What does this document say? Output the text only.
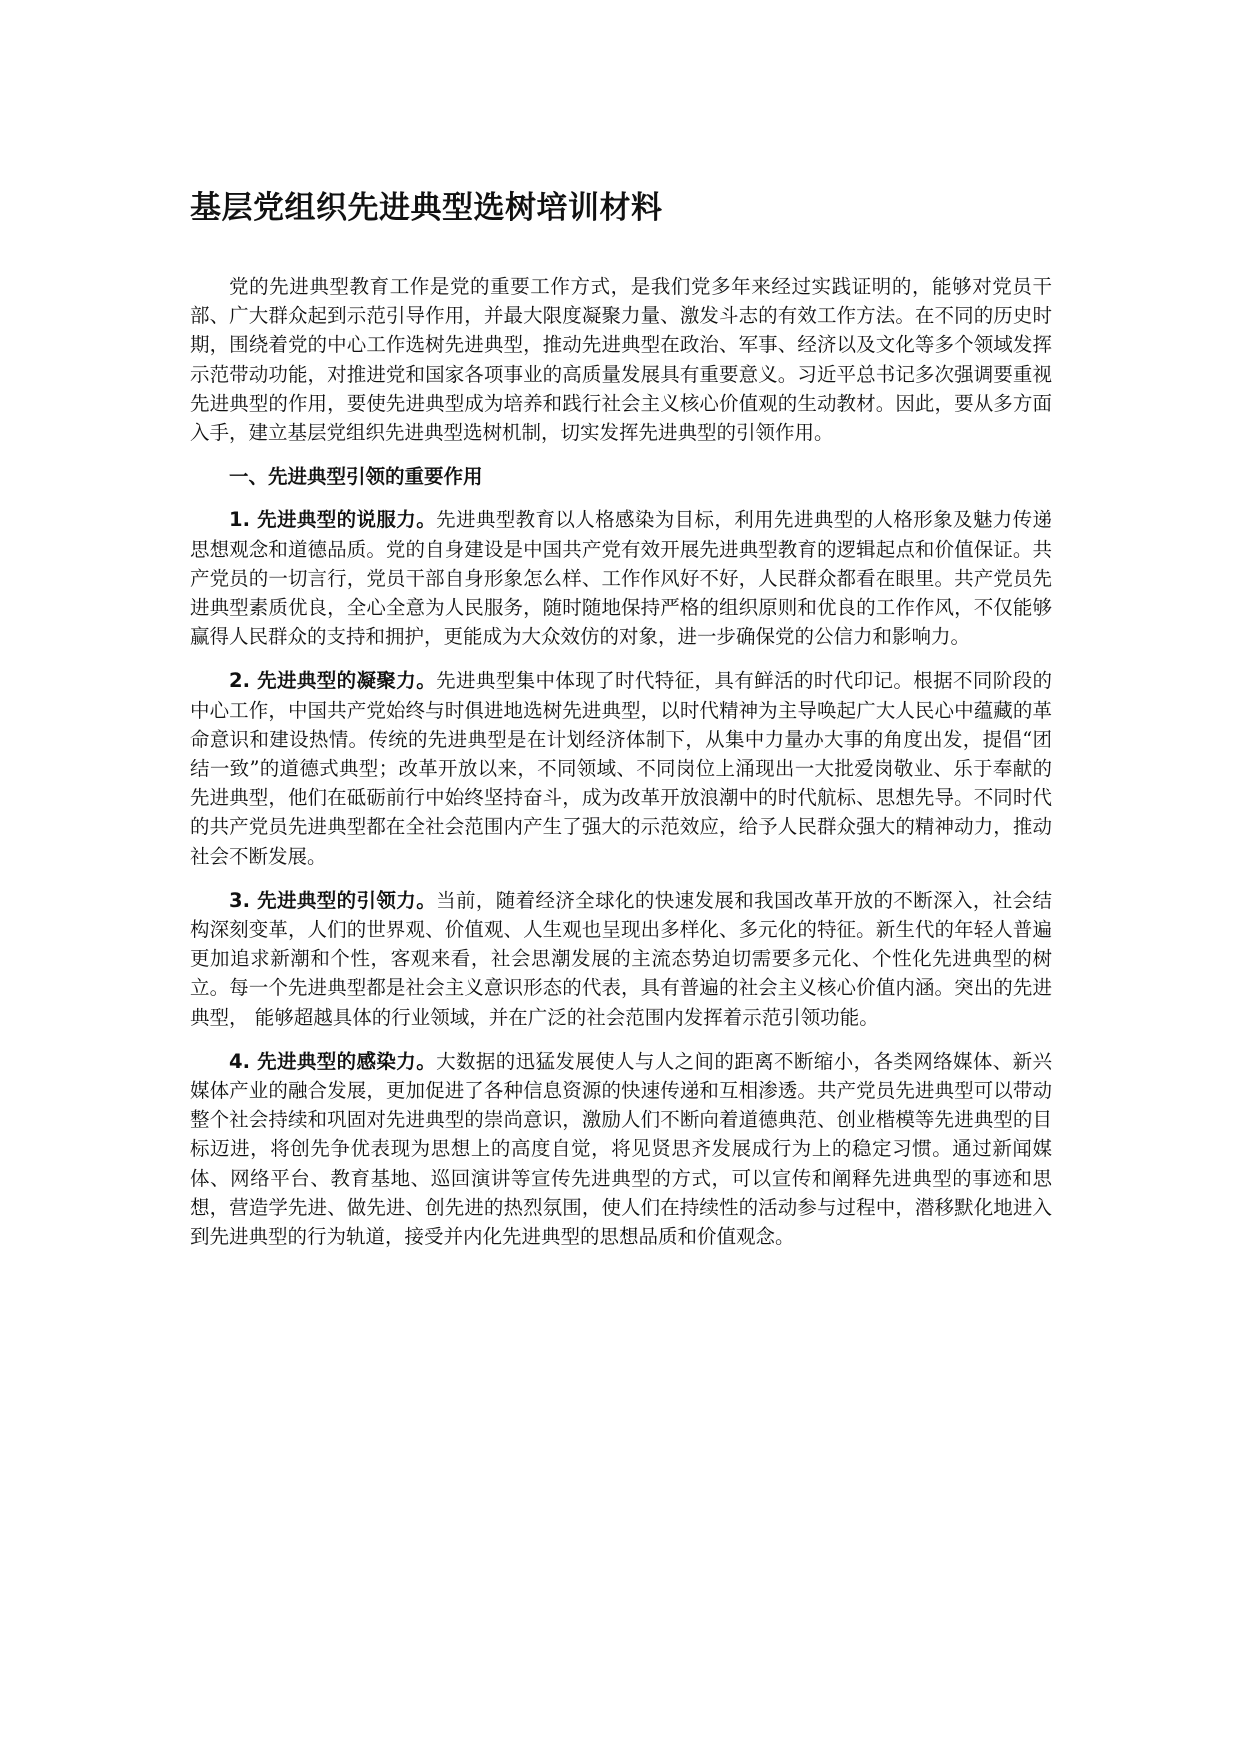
基层党组织先进典型选树培训材料

党的先进典型教育工作是党的重要工作方式，是我们党多年来经过实践证明的，能够对党员干部、广大群众起到示范引导作用，并最大限度凝聚力量、激发斗志的有效工作方法。在不同的历史时期，围绕着党的中心工作选树先进典型，推动先进典型在政治、军事、经济以及文化等多个领域发挥示范带动功能，对推进党和国家各项事业的高质量发展具有重要意义。习近平总书记多次强调要重视先进典型的作用，要使先进典型成为培养和践行社会主义核心价值观的生动教材。因此，要从多方面入手，建立基层党组织先进典型选树机制，切实发挥先进典型的引领作用。

一、先进典型引领的重要作用

1. 先进典型的说服力。先进典型教育以人格感染为目标，利用先进典型的人格形象及魅力传递思想观念和道德品质。党的自身建设是中国共产党有效开展先进典型教育的逻辑起点和价值保证。共产党员的一切言行，党员干部自身形象怎么样、工作作风好不好，人民群众都看在眼里。共产党员先进典型素质优良，全心全意为人民服务，随时随地保持严格的组织原则和优良的工作作风，不仅能够赢得人民群众的支持和拥护，更能成为大众效仿的对象，进一步确保党的公信力和影响力。

2. 先进典型的凝聚力。先进典型集中体现了时代特征，具有鲜活的时代印记。根据不同阶段的中心工作，中国共产党始终与时俱进地选树先进典型，以时代精神为主导唤起广大人民心中蕴藏的革命意识和建设热情。传统的先进典型是在计划经济体制下，从集中力量办大事的角度出发，提倡“团结一致”的道德式典型；改革开放以来，不同领域、不同岗位上涌现出一大批爱岗敬业、乐于奉献的先进典型，他们在砥砺前行中始终坚持奋斗，成为改革开放浪潮中的时代航标、思想先导。不同时代的共产党员先进典型都在全社会范围内产生了强大的示范效应，给予人民群众强大的精神动力，推动社会不断发展。

3. 先进典型的引领力。当前，随着经济全球化的快速发展和我国改革开放的不断深入，社会结构深刻变革，人们的世界观、价值观、人生观也呈现出多样化、多元化的特征。新生代的年轻人普遍更加追求新潮和个性，客观来看，社会思潮发展的主流态势迫切需要多元化、个性化先进典型的树立。每一个先进典型都是社会主义意识形态的代表，具有普遍的社会主义核心价值内涵。突出的先进典型， 能够超越具体的行业领域，并在广泛的社会范围内发挥着示范引领功能。

4. 先进典型的感染力。大数据的迅猛发展使人与人之间的距离不断缩小，各类网络媒体、新兴媒体产业的融合发展，更加促进了各种信息资源的快速传递和互相渗透。共产党员先进典型可以带动整个社会持续和巩固对先进典型的崇尚意识，激励人们不断向着道德典范、创业楷模等先进典型的目标迈进，将创先争优表现为思想上的高度自觉，将见贤思齐发展成行为上的稳定习惯。通过新闻媒体、网络平台、教育基地、巡回演讲等宣传先进典型的方式，可以宣传和阐释先进典型的事迹和思想，营造学先进、做先进、创先进的热烈氛围，使人们在持续性的活动参与过程中，潜移默化地进入到先进典型的行为轨道，接受并内化先进典型的思想品质和价值观念。
